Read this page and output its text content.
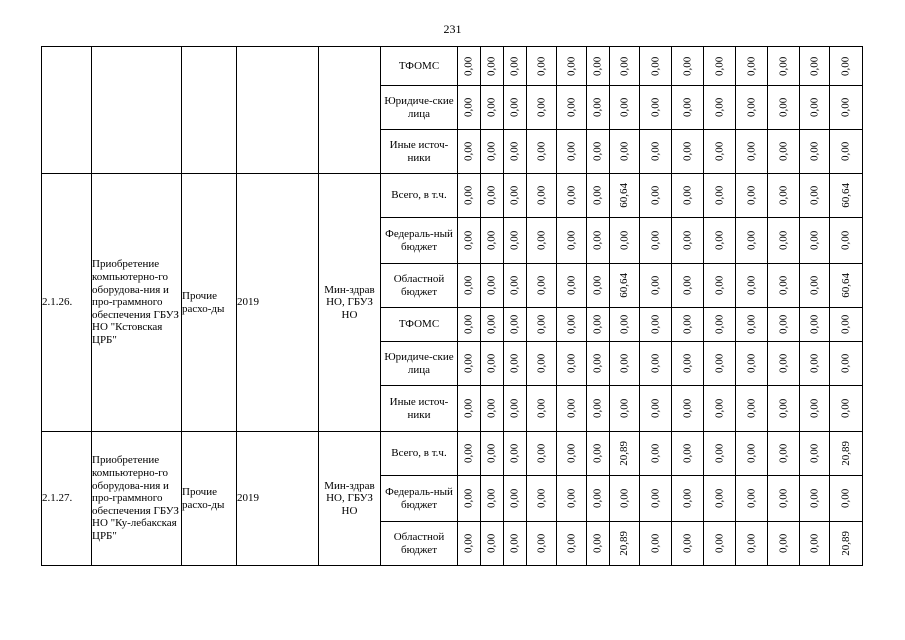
231
					ТФОМС	0,00	0,00	0,00	0,00	0,00	0,00	0,00	0,00	0,00	0,00	0,00	0,00	0,00	0,00
					Юридиче-ские лица	0,00	0,00	0,00	0,00	0,00	0,00	0,00	0,00	0,00	0,00	0,00	0,00	0,00	0,00
					Иные источ-ники	0,00	0,00	0,00	0,00	0,00	0,00	0,00	0,00	0,00	0,00	0,00	0,00	0,00	0,00
2.1.26.	Приобретение компьютерно-го оборудова-ния и про-граммного обеспечения ГБУЗ НО "Кстовская ЦРБ"	Прочие расхо-ды	2019	Мин-здрав НО, ГБУЗ НО	Всего, в т.ч.	0,00	0,00	0,00	0,00	0,00	0,00	60,64	0,00	0,00	0,00	0,00	0,00	0,00	60,64
					Федераль-ный бюджет	0,00	0,00	0,00	0,00	0,00	0,00	0,00	0,00	0,00	0,00	0,00	0,00	0,00	0,00
					Областной бюджет	0,00	0,00	0,00	0,00	0,00	0,00	60,64	0,00	0,00	0,00	0,00	0,00	0,00	60,64
					ТФОМС	0,00	0,00	0,00	0,00	0,00	0,00	0,00	0,00	0,00	0,00	0,00	0,00	0,00	0,00
					Юридиче-ские лица	0,00	0,00	0,00	0,00	0,00	0,00	0,00	0,00	0,00	0,00	0,00	0,00	0,00	0,00
					Иные источ-ники	0,00	0,00	0,00	0,00	0,00	0,00	0,00	0,00	0,00	0,00	0,00	0,00	0,00	0,00
2.1.27.	Приобретение компьютерно-го оборудова-ния и про-граммного обеспечения ГБУЗ НО "Ку-лебакская ЦРБ"	Прочие расхо-ды	2019	Мин-здрав НО, ГБУЗ НО	Всего, в т.ч.	0,00	0,00	0,00	0,00	0,00	0,00	20,89	0,00	0,00	0,00	0,00	0,00	0,00	20,89
					Федераль-ный бюджет	0,00	0,00	0,00	0,00	0,00	0,00	0,00	0,00	0,00	0,00	0,00	0,00	0,00	0,00
					Областной бюджет	0,00	0,00	0,00	0,00	0,00	0,00	20,89	0,00	0,00	0,00	0,00	0,00	0,00	20,89
